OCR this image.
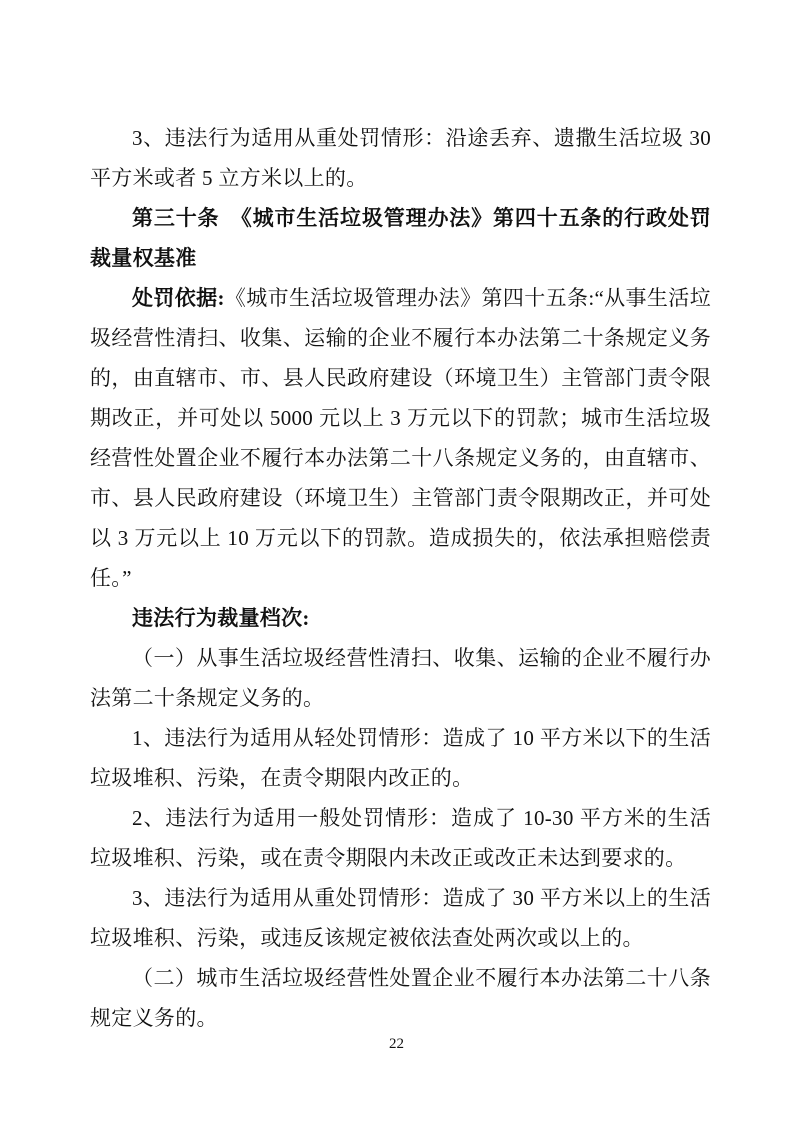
3、违法行为适用从重处罚情形：沿途丢弃、遗撒生活垃圾 30 平方米或者 5 立方米以上的。

第三十条　《城市生活垃圾管理办法》第四十五条的行政处罚裁量权基准

处罚依据:《城市生活垃圾管理办法》第四十五条:“从事生活垃圾经营性清扫、收集、运输的企业不履行本办法第二十条规定义务的，由直辖市、市、县人民政府建设（环境卫生）主管部门责令限期改正，并可处以 5000 元以上 3 万元以下的罚款；城市生活垃圾经营性处置企业不履行本办法第二十八条规定义务的，由直辖市、市、县人民政府建设（环境卫生）主管部门责令限期改正，并可处以 3 万元以上 10 万元以下的罚款。造成损失的，依法承担赔偿责任。”

违法行为裁量档次:

（一）从事生活垃圾经营性清扫、收集、运输的企业不履行办法第二十条规定义务的。

1、违法行为适用从轻处罚情形：造成了 10 平方米以下的生活垃圾堆积、污染，在责令期限内改正的。

2、违法行为适用一般处罚情形：造成了 10-30 平方米的生活垃圾堆积、污染，或在责令期限内未改正或改正未达到要求的。

3、违法行为适用从重处罚情形：造成了 30 平方米以上的生活垃圾堆积、污染，或违反该规定被依法查处两次或以上的。

（二）城市生活垃圾经营性处置企业不履行本办法第二十八条规定义务的。

22
